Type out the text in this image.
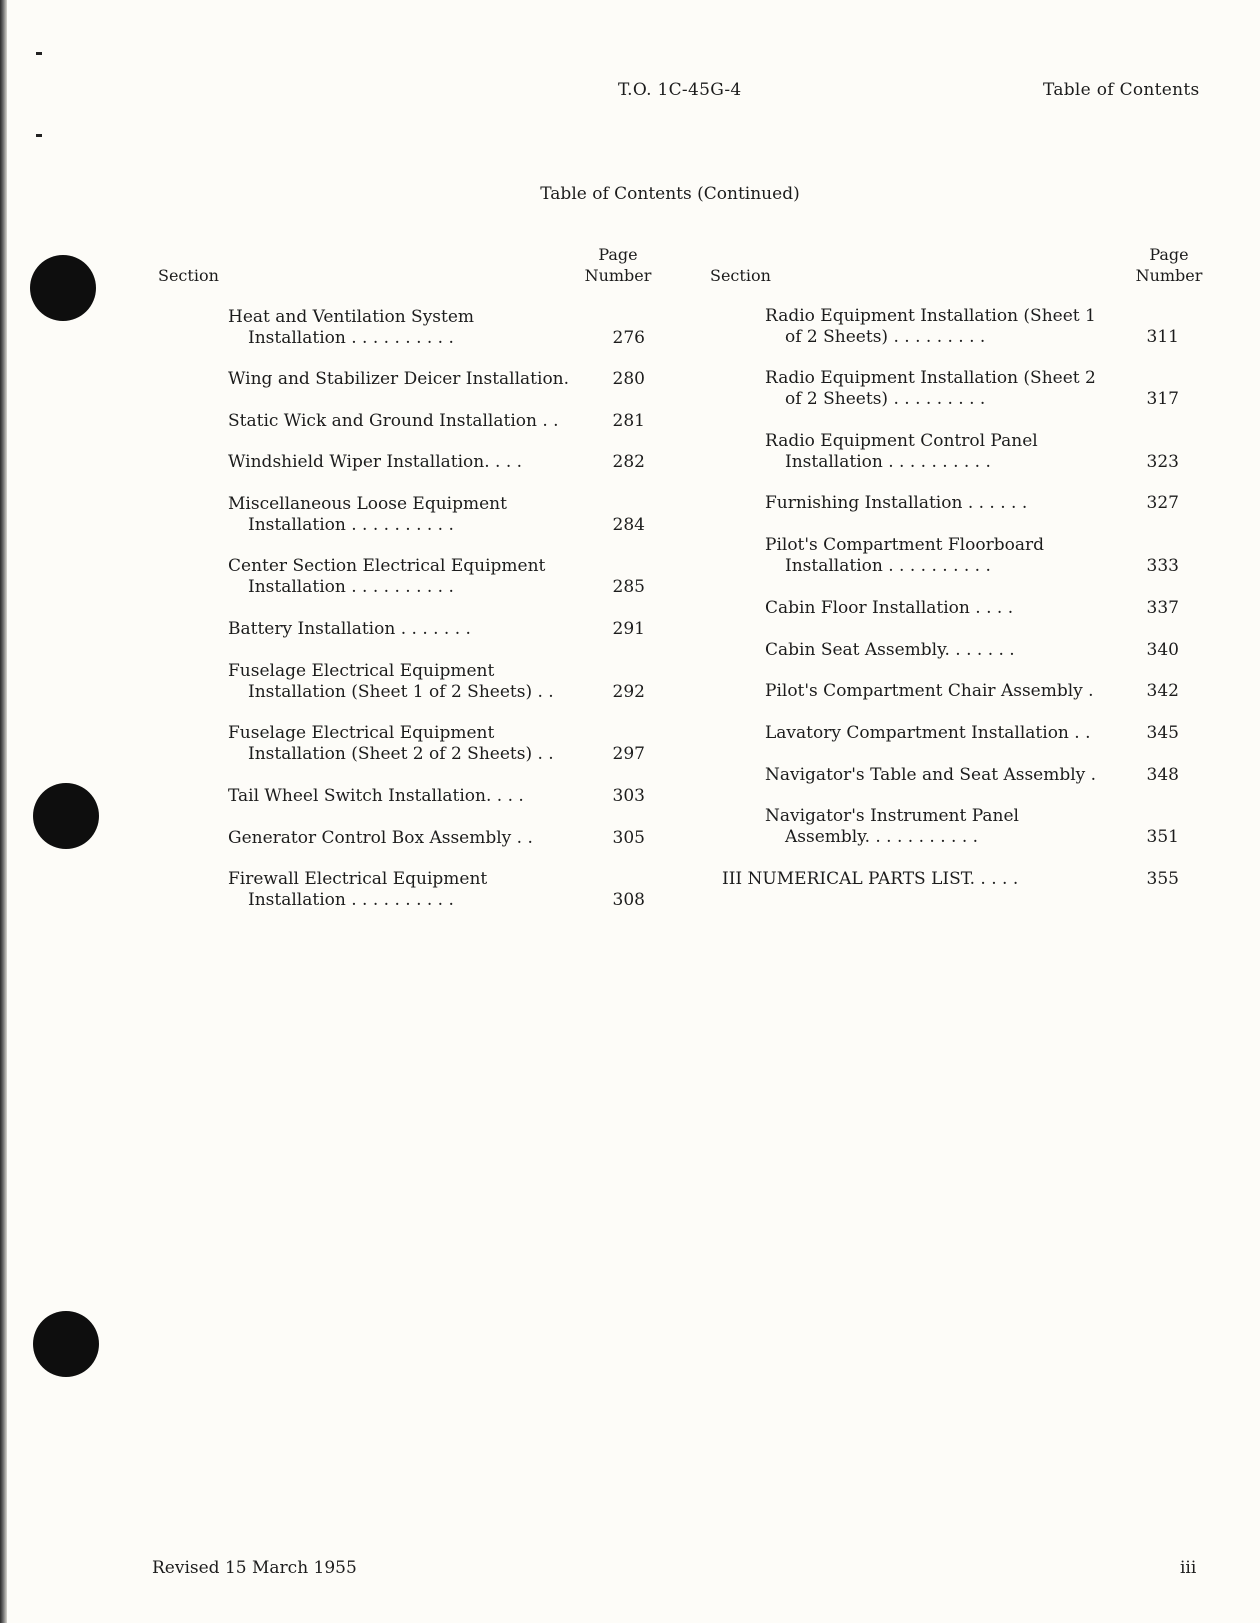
T.O. 1C-45G-4	Table of Contents
Table of Contents (Continued)
Section
Page
Number	Section
Page
Number
Heat and Ventilation System
Installation . . . . . . . . . .	276
Wing and Stabilizer Deicer Installation.	280
Static Wick and Ground Installation . .	281
Windshield Wiper Installation. . . .	282
Miscellaneous Loose Equipment
Installation . . . . . . . . . .	284
Center Section Electrical Equipment
Installation . . . . . . . . . .	285
Battery Installation . . . . . . .	291
Fuselage Electrical Equipment
Installation (Sheet 1 of 2 Sheets) . .	292
Fuselage Electrical Equipment
Installation (Sheet 2 of 2 Sheets) . .	297
Tail Wheel Switch Installation. . . .	303
Generator Control Box Assembly . .	305
Firewall Electrical Equipment
Installation . . . . . . . . . .	308
Radio Equipment Installation (Sheet 1
of 2 Sheets) . . . . . . . . .	311
Radio Equipment Installation (Sheet 2
of 2 Sheets) . . . . . . . . .	317
Radio Equipment Control Panel
Installation . . . . . . . . . .	323
Furnishing Installation . . . . . .	327
Pilot's Compartment Floorboard
Installation . . . . . . . . . .	333
Cabin Floor Installation . . . .	337
Cabin Seat Assembly. . . . . . .	340
Pilot's Compartment Chair Assembly .	342
Lavatory Compartment Installation . .	345
Navigator's Table and Seat Assembly .	348
Navigator's Instrument Panel
Assembly. . . . . . . . . . .	351
III NUMERICAL PARTS LIST. . . . .	355
Revised 15 March 1955	iii
